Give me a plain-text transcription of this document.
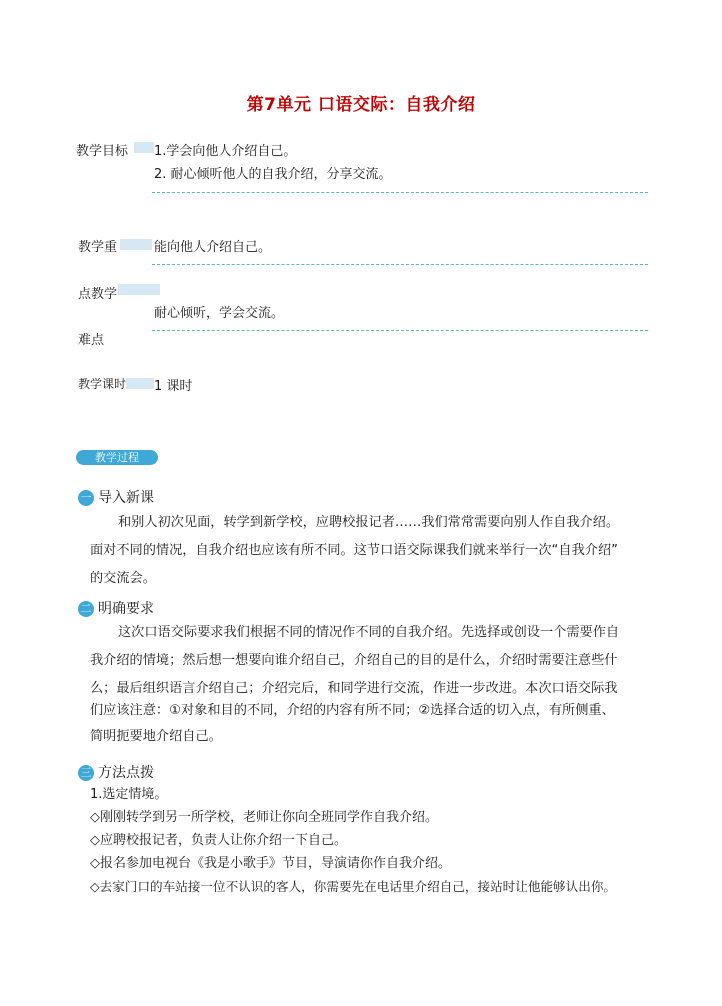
第7单元 口语交际：自我介绍
教学目标 1.学会向他人介绍自己。
2. 耐心倾听他人的自我介绍，分享交流。
教学重	能向他人介绍自己。
点教学
耐心倾听，学会交流。
难点
教学课时 1 课时
教学过程
一 导入新课
和别人初次见面，转学到新学校，应聘校报记者……我们常常需要向别人作自我介绍。
面对不同的情况，自我介绍也应该有所不同。这节口语交际课我们就来举行一次“自我介绍”
的交流会。
二 明确要求
这次口语交际要求我们根据不同的情况作不同的自我介绍。先选择或创设一个需要作自
我介绍的情境；然后想一想要向谁介绍自己，介绍自己的目的是什么，介绍时需要注意些什
么；最后组织语言介绍自己；介绍完后，和同学进行交流，作进一步改进。本次口语交际我
们应该注意：①对象和目的不同，介绍的内容有所不同；②选择合适的切入点，有所侧重、
简明扼要地介绍自己。
三 方法点拨
1.选定情境。
◇刚刚转学到另一所学校，老师让你向全班同学作自我介绍。
◇应聘校报记者，负责人让你介绍一下自己。
◇报名参加电视台《我是小歌手》节目，导演请你作自我介绍。
◇去家门口的车站接一位不认识的客人，你需要先在电话里介绍自己，接站时让他能够认出你。
